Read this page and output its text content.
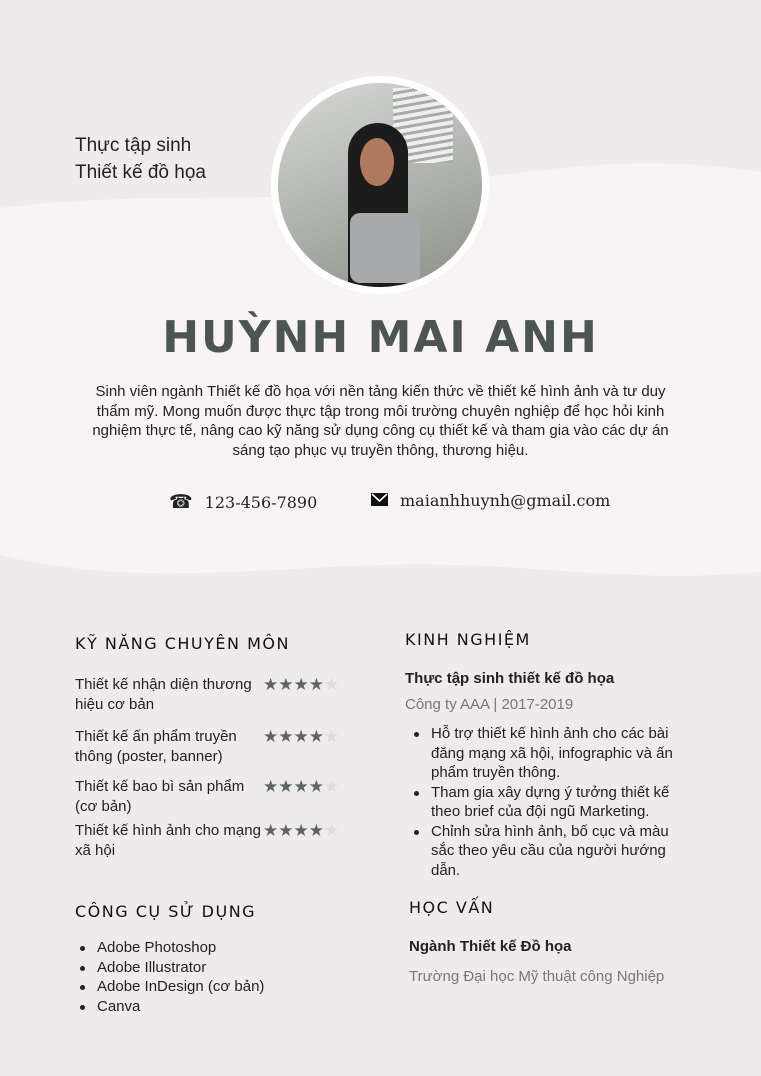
Thực tập sinh
Thiết kế đồ họa
HUỲNH MAI ANH
Sinh viên ngành Thiết kế đồ họa với nền tảng kiến thức về thiết kế hình ảnh và tư duy thẩm mỹ. Mong muốn được thực tập trong môi trường chuyên nghiệp để học hỏi kinh nghiệm thực tế, nâng cao kỹ năng sử dụng công cụ thiết kế và tham gia vào các dự án sáng tạo phục vụ truyền thông, thương hiệu.
☎ 123-456-7890	maianhhuynh@gmail.com
KỸ NĂNG CHUYÊN MÔN
Thiết kế nhận diện thương hiệu cơ bản
★★★★★
Thiết kế ấn phẩm truyền thông (poster, banner)
★★★★★
Thiết kế bao bì sản phẩm (cơ bản)
★★★★★
Thiết kế hình ảnh cho mạng xã hội
★★★★★
CÔNG CỤ SỬ DỤNG
Adobe Photoshop
Adobe Illustrator
Adobe InDesign (cơ bản)
Canva
KINH NGHIỆM
Thực tập sinh thiết kế đồ họa
Công ty AAA | 2017-2019
Hỗ trợ thiết kế hình ảnh cho các bài đăng mạng xã hội, infographic và ấn phẩm truyền thông.
Tham gia xây dựng ý tưởng thiết kế theo brief của đội ngũ Marketing.
Chỉnh sửa hình ảnh, bố cục và màu sắc theo yêu cầu của người hướng dẫn.
HỌC VẤN
Ngành Thiết kế Đồ họa
Trường Đại học Mỹ thuật công Nghiệp
